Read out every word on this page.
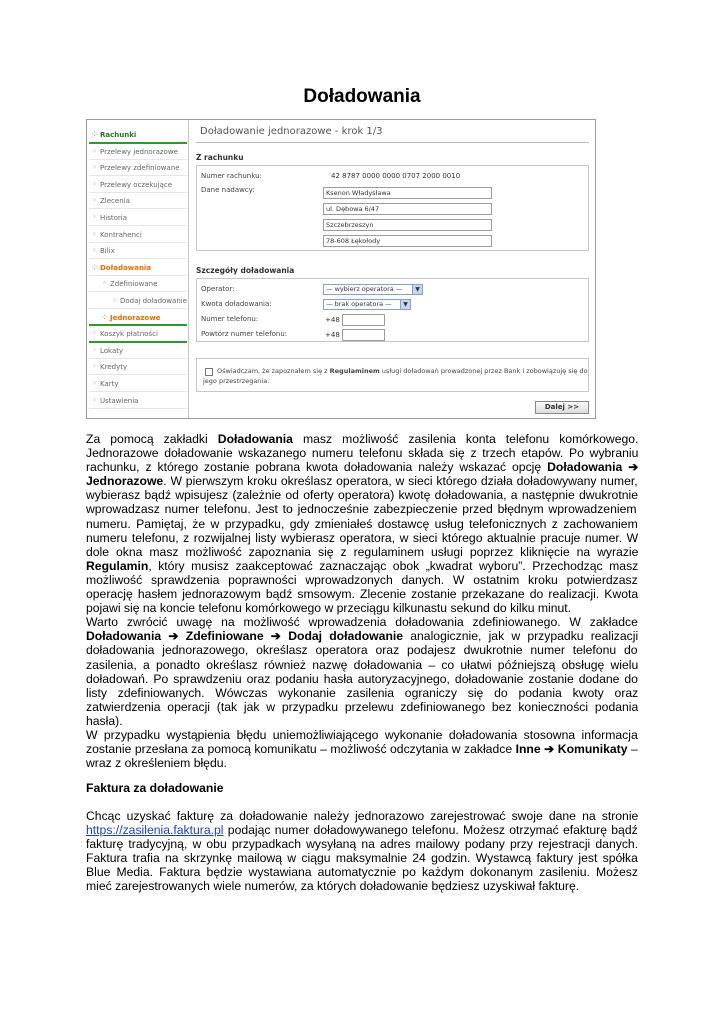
Doładowania
⁘ Rachunki
⁘ Przelewy jednorazowe
⁘ Przelewy zdefiniowane
⁘ Przelewy oczekujące
⁘ Zlecenia
⁘ Historia
⁘ Kontrahenci
⁘ Bilix
⁘ Doładowania
⁘ Zdefiniowane
⁘ Dodaj doładowanie
⁘ Jednorazowe
⁘ Koszyk płatności
⁘ Lokaty
⁘ Kredyty
⁘ Karty
⁘ Ustawienia
Doładowanie jednorazowe - krok 1/3
Z rachunku
Numer rachunku:	42 8787 0000 0000 0707 2000 0010
Dane nadawcy:	Ksenon Władysława
ul. Dębowa 6/47
Szczebrzeszyn
78-608 Łękołody
Szczegóły doładowania
Operator:	— wybierz operatora —	▼
Kwota doładowania:	— brak operatora —	▼
Numer telefonu:	+48
Powtórz numer telefonu:	+48
Oświadczam, że zapoznałem się z Regulaminem usługi doładowań prowadzonej przez Bank i zobowiązuję się do jego przestrzegania.
Dalej >>
Za pomocą zakładki Doładowania masz możliwość zasilenia konta telefonu komórkowego.
Jednorazowe doładowanie wskazanego numeru telefonu składa się z trzech etapów. Po wybraniu
rachunku, z którego zostanie pobrana kwota doładowania należy wskazać opcję Doładowania ➔
Jednorazowe. W pierwszym kroku określasz operatora, w sieci którego działa doładowywany numer,
wybierasz bądź wpisujesz (zależnie od oferty operatora) kwotę doładowania, a następnie dwukrotnie
wprowadzasz numer telefonu. Jest to jednocześnie zabezpieczenie przed błędnym wprowadzeniem
numeru. Pamiętaj, że w przypadku, gdy zmieniałeś dostawcę usług telefonicznych z zachowaniem
numeru telefonu, z rozwijalnej listy wybierasz operatora, w sieci którego aktualnie pracuje numer. W
dole okna masz możliwość zapoznania się z regulaminem usługi poprzez kliknięcie na wyrazie
Regulamin, który musisz zaakceptować zaznaczając obok „kwadrat wyboru”. Przechodząc masz
możliwość sprawdzenia poprawności wprowadzonych danych. W ostatnim kroku potwierdzasz
operację hasłem jednorazowym bądź smsowym. Zlecenie zostanie przekazane do realizacji. Kwota
pojawi się na koncie telefonu komórkowego w przeciągu kilkunastu sekund do kilku minut.
Warto zwrócić uwagę na możliwość wprowadzenia doładowania zdefiniowanego. W zakładce
Doładowania ➔ Zdefiniowane ➔ Dodaj doładowanie analogicznie, jak w przypadku realizacji
doładowania jednorazowego, określasz operatora oraz podajesz dwukrotnie numer telefonu do
zasilenia, a ponadto określasz również nazwę doładowania – co ułatwi późniejszą obsługę wielu
doładowań. Po sprawdzeniu oraz podaniu hasła autoryzacyjnego, doładowanie zostanie dodane do
listy zdefiniowanych. Wówczas wykonanie zasilenia ograniczy się do podania kwoty oraz
zatwierdzenia operacji (tak jak w przypadku przelewu zdefiniowanego bez konieczności podania
hasła).
W przypadku wystąpienia błędu uniemożliwiającego wykonanie doładowania stosowna informacja
zostanie przesłana za pomocą komunikatu – możliwość odczytania w zakładce Inne ➔ Komunikaty –
wraz z określeniem błędu.
Faktura za doładowanie
Chcąc uzyskać fakturę za doładowanie należy jednorazowo zarejestrować swoje dane na stronie
https://zasilenia.faktura.pl podając numer doładowywanego telefonu. Możesz otrzymać efakturę bądź
fakturę tradycyjną, w obu przypadkach wysyłaną na adres mailowy podany przy rejestracji danych.
Faktura trafia na skrzynkę mailową w ciągu maksymalnie 24 godzin. Wystawcą faktury jest spółka
Blue Media. Faktura będzie wystawiana automatycznie po każdym dokonanym zasileniu. Możesz
mieć zarejestrowanych wiele numerów, za których doładowanie będziesz uzyskiwał fakturę.
